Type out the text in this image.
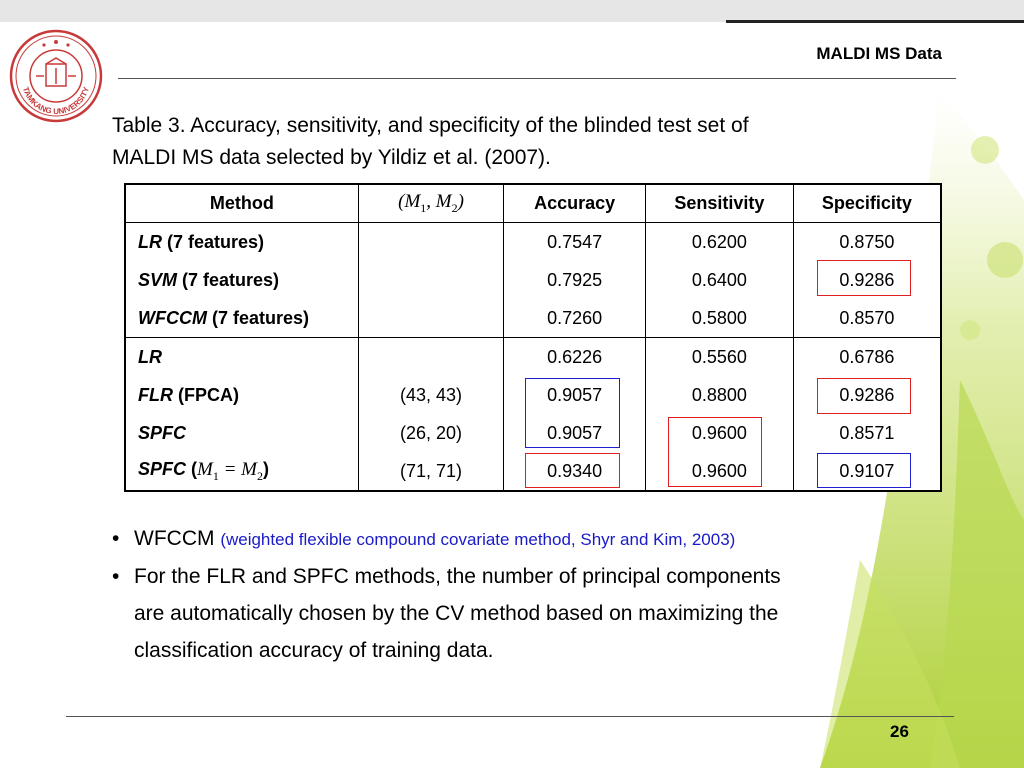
TAMKANG UNIVERSITY
MALDI MS Data
Table 3. Accuracy, sensitivity, and specificity of the blinded test set of
MALDI MS data selected by Yildiz et al. (2007).
Method	($M_1$, $M_2$)	Accuracy	Sensitivity	Specificity
LR (7 features)		0.7547	0.6200	0.8750
SVM (7 features)		0.7925	0.6400	0.9286
WFCCM (7 features)		0.7260	0.5800	0.8570
LR		0.6226	0.5560	0.6786
FLR (FPCA)	(43, 43)	0.9057	0.8800	0.9286
SPFC	(26, 20)	0.9057	0.9600	0.8571
SPFC $(M_1 = M_2)$	(71, 71)	0.9340	0.9600	0.9107
• WFCCM (weighted flexible compound covariate method, Shyr and Kim, 2003)
• For the FLR and SPFC methods, the number of principal components
are automatically chosen by the CV method based on maximizing the
classification accuracy of training data.
26
